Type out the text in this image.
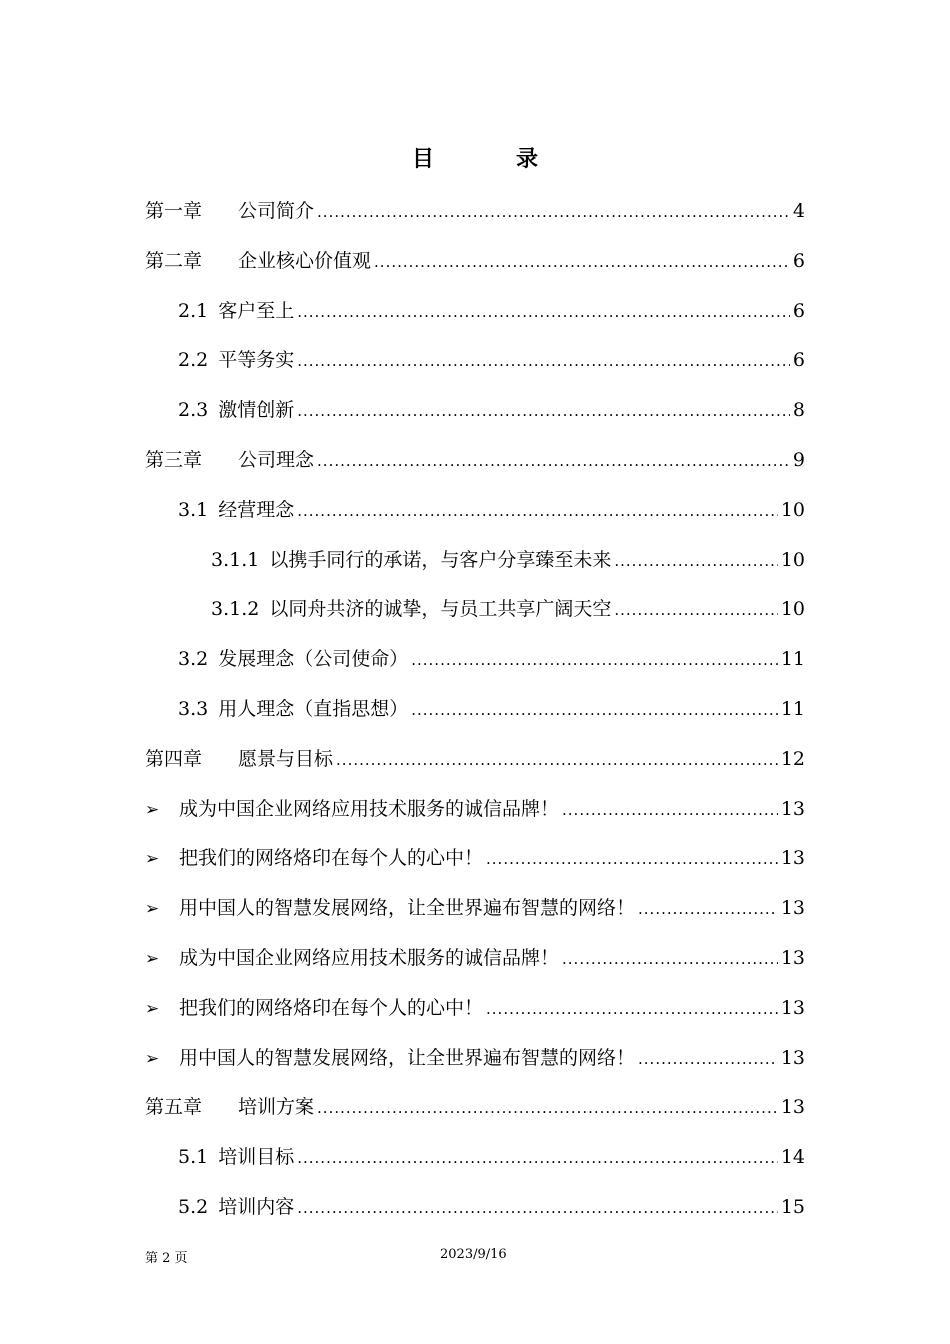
目　录
第一章 公司简介 .....	4
第二章 企业核心价值观 .....	6
2.1 客户至上 .....	6
2.2 平等务实 .....	6
2.3 激情创新 .....	8
第三章 公司理念 .....	9
3.1 经营理念 .....	10
3.1.1 以携手同行的承诺，与客户分享臻至未来 .....	10
3.1.2 以同舟共济的诚挚，与员工共享广阔天空 .....	10
3.2 发展理念（公司使命） .....	11
3.3 用人理念（直指思想） .....	11
第四章 愿景与目标 .....	12
➢	成为中国企业网络应用技术服务的诚信品牌！ .....	13
➢	把我们的网络烙印在每个人的心中！ .....	13
➢	用中国人的智慧发展网络，让全世界遍布智慧的网络！ .....	13
➢	成为中国企业网络应用技术服务的诚信品牌！ .....	13
➢	把我们的网络烙印在每个人的心中！ .....	13
➢	用中国人的智慧发展网络，让全世界遍布智慧的网络！ .....	13
第五章 培训方案 .....	13
5.1 培训目标 .....	14
5.2 培训内容 .....	15
第 2 页	2023/9/16
